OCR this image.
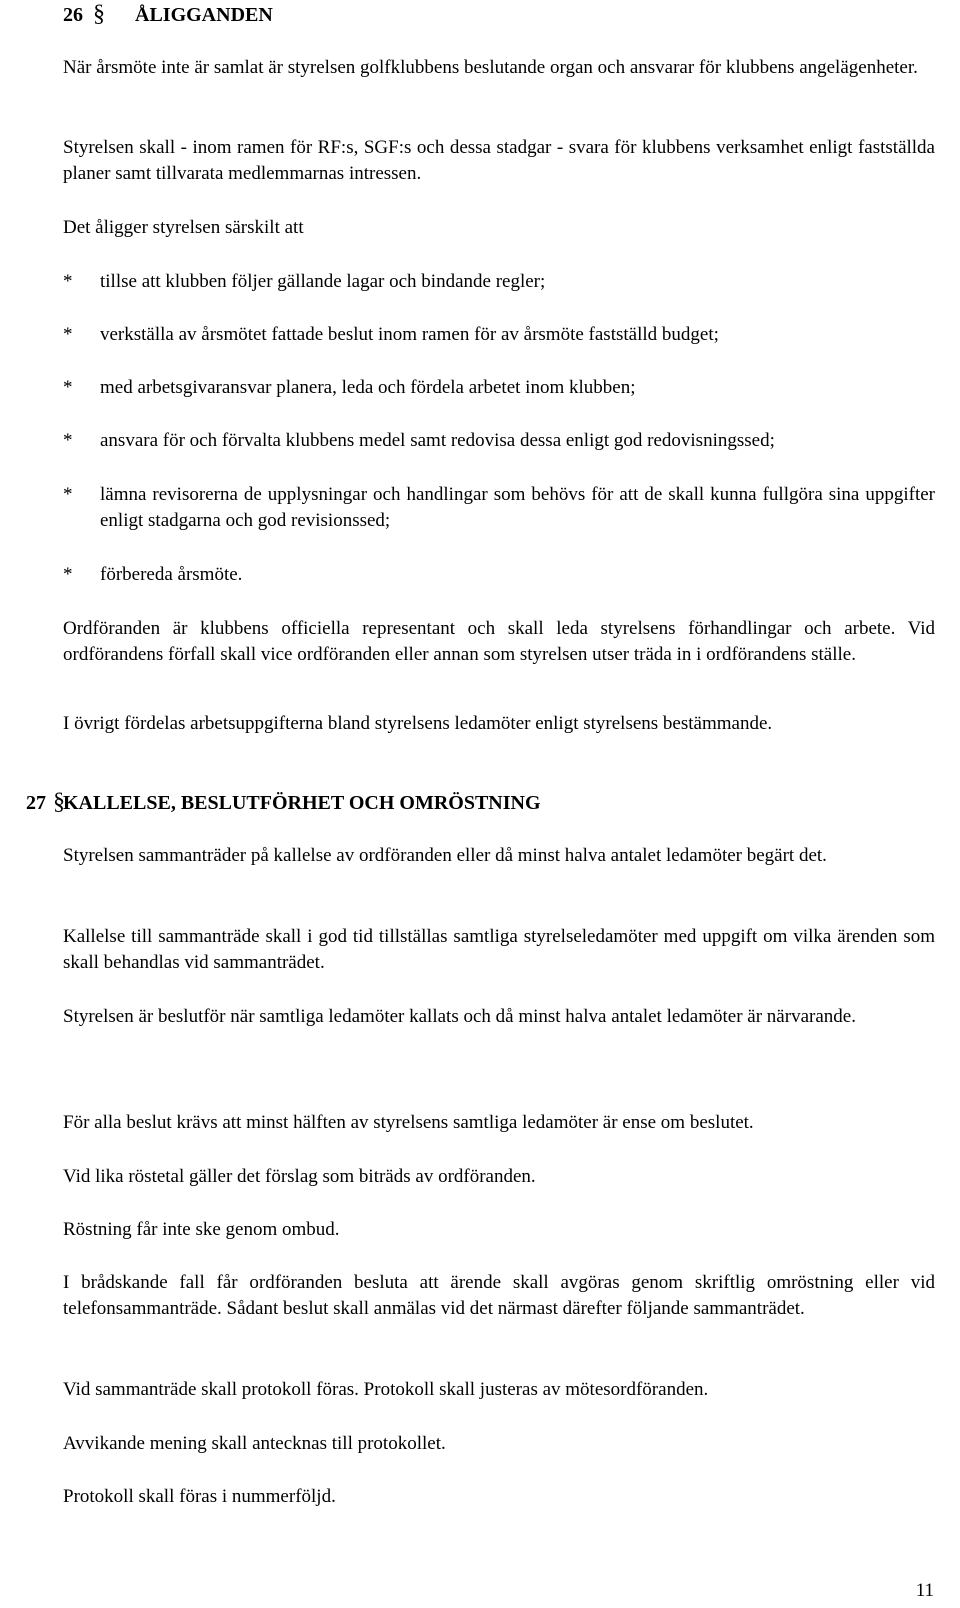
26 § ÅLIGGANDEN

När årsmöte inte är samlat är styrelsen golfklubbens beslutande organ och ansvarar för klubbens angelägenheter.

Styrelsen skall - inom ramen för RF:s, SGF:s och dessa stadgar - svara för klubbens verksamhet enligt fastställda planer samt tillvarata medlemmarnas intressen.

Det åligger styrelsen särskilt att

* tillse att klubben följer gällande lagar och bindande regler;
* verkställa av årsmötet fattade beslut inom ramen för av årsmöte fastställd budget;
* med arbetsgivaransvar planera, leda och fördela arbetet inom klubben;
* ansvara för och förvalta klubbens medel samt redovisa dessa enligt god redovisningssed;
* lämna revisorerna de upplysningar och handlingar som behövs för att de skall kunna fullgöra sina uppgifter enligt stadgarna och god revisionssed;
* förbereda årsmöte.

Ordföranden är klubbens officiella representant och skall leda styrelsens förhandlingar och arbete. Vid ordförandens förfall skall vice ordföranden eller annan som styrelsen utser träda in i ordförandens ställe.

I övrigt fördelas arbetsuppgifterna bland styrelsens ledamöter enligt styrelsens bestämmande.

27 §
KALLELSE, BESLUTFÖRHET OCH OMRÖSTNING

Styrelsen sammanträder på kallelse av ordföranden eller då minst halva antalet ledamöter begärt det.

Kallelse till sammanträde skall i god tid tillställas samtliga styrelseledamöter med uppgift om vilka ärenden som skall behandlas vid sammanträdet.

Styrelsen är beslutför när samtliga ledamöter kallats och då minst halva antalet ledamöter är närvarande.

För alla beslut krävs att minst hälften av styrelsens samtliga ledamöter är ense om beslutet.

Vid lika röstetal gäller det förslag som biträds av ordföranden.

Röstning får inte ske genom ombud.

I brådskande fall får ordföranden besluta att ärende skall avgöras genom skriftlig omröstning eller vid telefonsammanträde. Sådant beslut skall anmälas vid det närmast därefter följande sammanträdet.

Vid sammanträde skall protokoll föras. Protokoll skall justeras av mötesordföranden.

Avvikande mening skall antecknas till protokollet.

Protokoll skall föras i nummerföljd.

11
